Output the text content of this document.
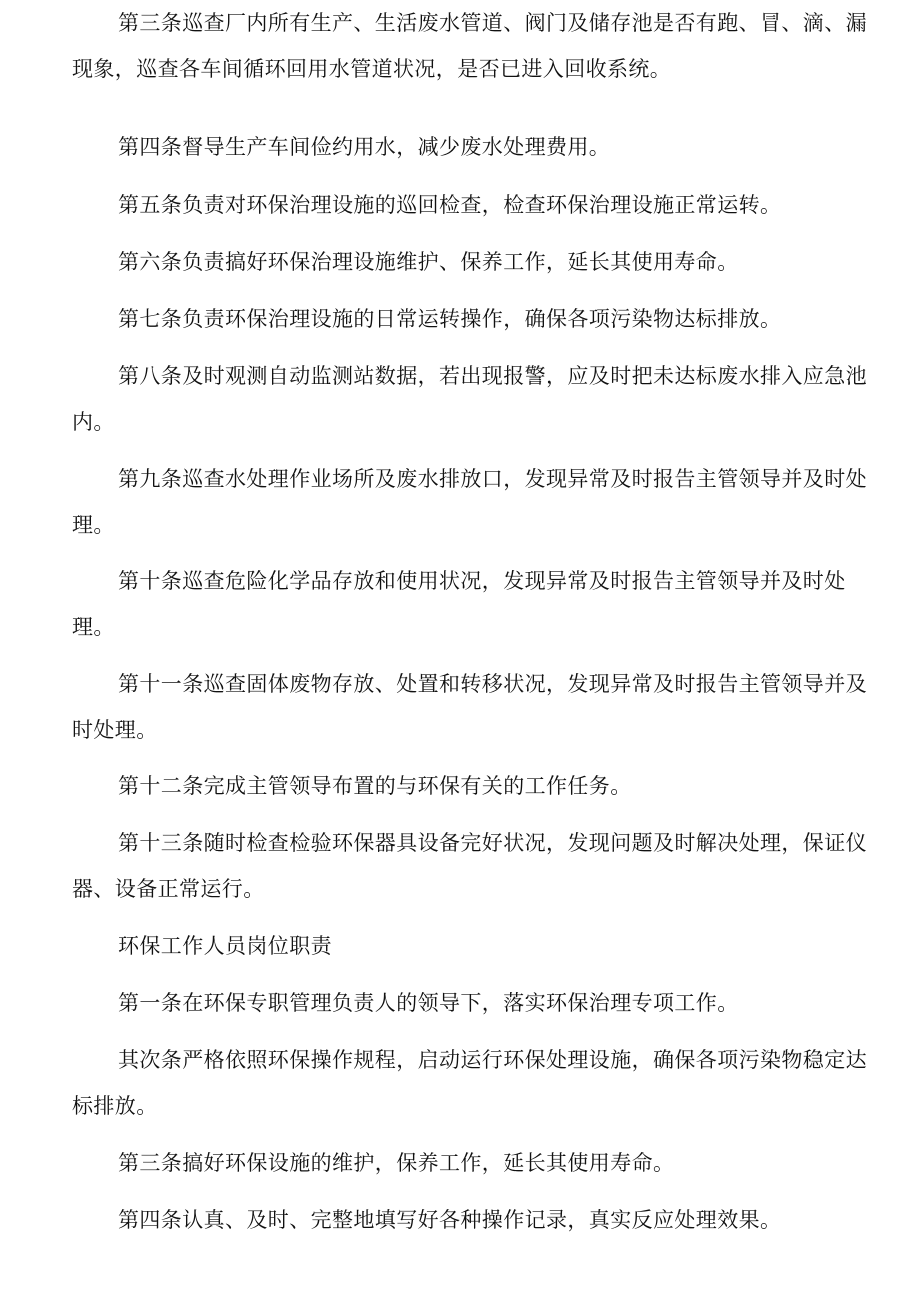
第三条巡查厂内所有生产、生活废水管道、阀门及储存池是否有跑、冒、滴、漏现象，巡查各车间循环回用水管道状况，是否已进入回收系统。

第四条督导生产车间俭约用水，减少废水处理费用。

第五条负责对环保治理设施的巡回检查，检查环保治理设施正常运转。

第六条负责搞好环保治理设施维护、保养工作，延长其使用寿命。

第七条负责环保治理设施的日常运转操作，确保各项污染物达标排放。

第八条及时观测自动监测站数据，若出现报警，应及时把未达标废水排入应急池内。

第九条巡查水处理作业场所及废水排放口，发现异常及时报告主管领导并及时处理。

第十条巡查危险化学品存放和使用状况，发现异常及时报告主管领导并及时处理。

第十一条巡查固体废物存放、处置和转移状况，发现异常及时报告主管领导并及时处理。

第十二条完成主管领导布置的与环保有关的工作任务。

第十三条随时检查检验环保器具设备完好状况，发现问题及时解决处理，保证仪器、设备正常运行。

环保工作人员岗位职责

第一条在环保专职管理负责人的领导下，落实环保治理专项工作。

其次条严格依照环保操作规程，启动运行环保处理设施，确保各项污染物稳定达标排放。

第三条搞好环保设施的维护，保养工作，延长其使用寿命。

第四条认真、及时、完整地填写好各种操作记录，真实反应处理效果。
